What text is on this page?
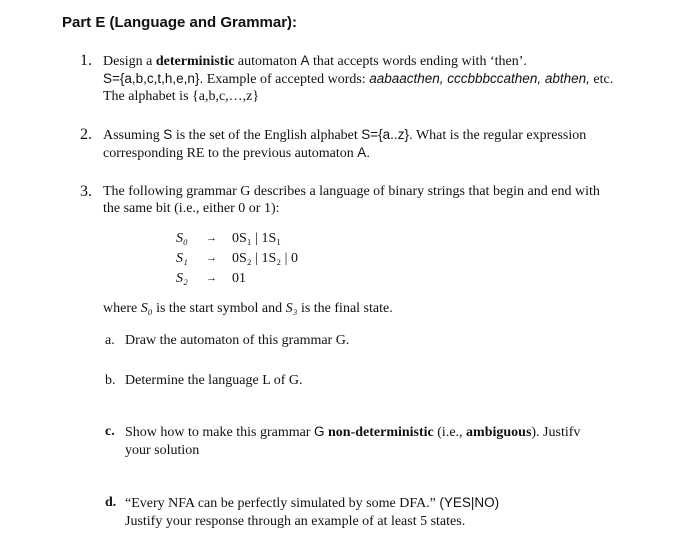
Part E (Language and Grammar):
1. Design a deterministic automaton A that accepts words ending with ‘then’.
S={a,b,c,t,h,e,n}. Example of accepted words: aabaacthen, cccbbbccathen, abthen, etc.
The alphabet is {a,b,c,…,z}
2. Assuming S is the set of the English alphabet S={a..z}. What is the regular expression
corresponding RE to the previous automaton A.
3. The following grammar G describes a language of binary strings that begin and end with
the same bit (i.e., either 0 or 1):
S₀ → 0S₁ | 1S₁
S₁ → 0S₂ | 1S₂ | 0
S₂ → 01
where S₀ is the start symbol and S₃ is the final state.
a. Draw the automaton of this grammar G.
b. Determine the language L of G.
c. Show how to make this grammar G non-deterministic (i.e., ambiguous). Justifv
your solution
d. “Every NFA can be perfectly simulated by some DFA.” (YES|NO)
Justify your response through an example of at least 5 states.
